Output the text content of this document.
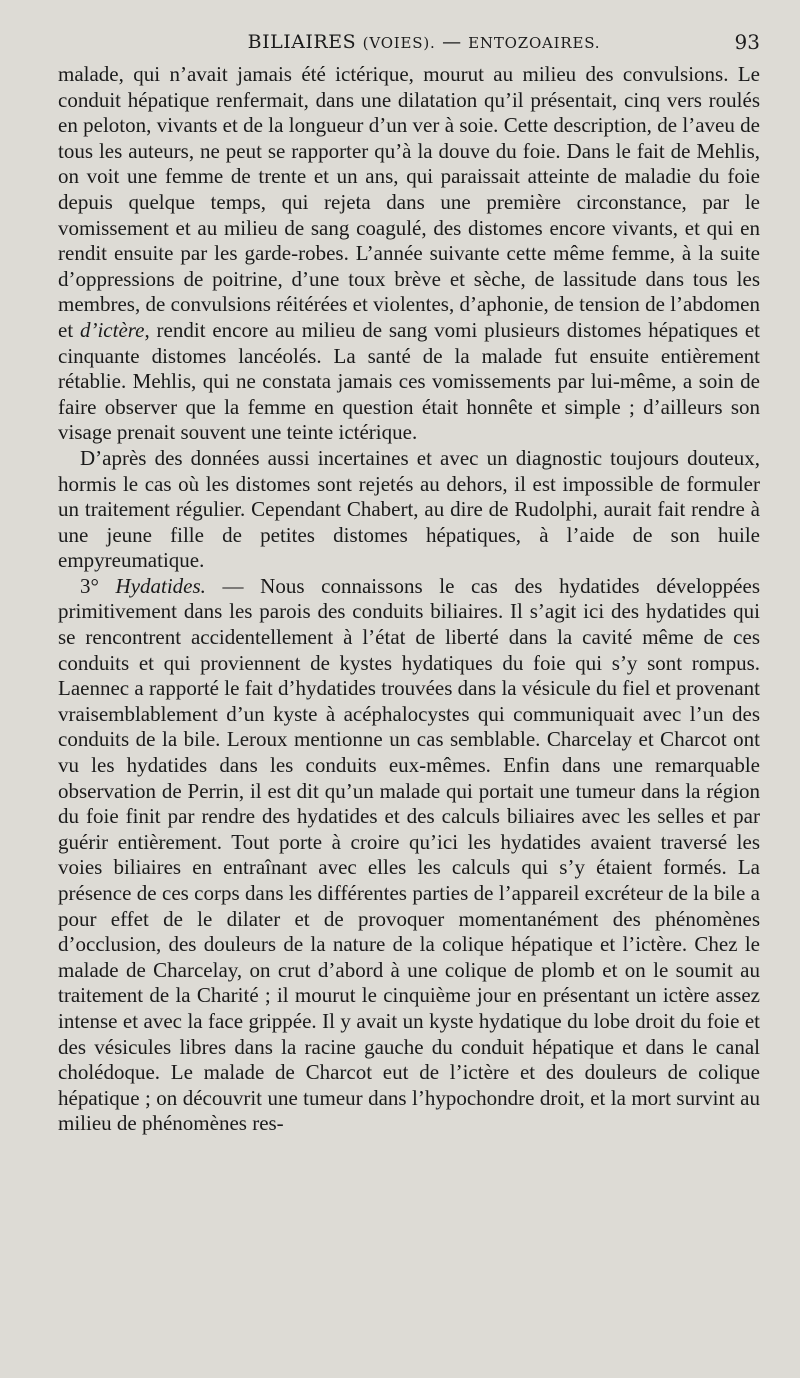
BILIAIRES (VOIES). — ENTOZOAIRES.	93

malade, qui n’avait jamais été ictérique, mourut au milieu des convulsions. Le conduit hépatique renfermait, dans une dilatation qu’il présentait, cinq vers roulés en peloton, vivants et de la longueur d’un ver à soie. Cette description, de l’aveu de tous les auteurs, ne peut se rapporter qu’à la douve du foie. Dans le fait de Mehlis, on voit une femme de trente et un ans, qui paraissait atteinte de maladie du foie depuis quelque temps, qui rejeta dans une première circonstance, par le vomissement et au milieu de sang coagulé, des distomes encore vivants, et qui en rendit ensuite par les garde-robes. L’année suivante cette même femme, à la suite d’oppressions de poitrine, d’une toux brève et sèche, de lassitude dans tous les membres, de convulsions réitérées et violentes, d’aphonie, de tension de l’abdomen et d’ictère, rendit encore au milieu de sang vomi plusieurs distomes hépatiques et cinquante distomes lancéolés. La santé de la malade fut ensuite entièrement rétablie. Mehlis, qui ne constata jamais ces vomissements par lui-même, a soin de faire observer que la femme en question était honnête et simple ; d’ailleurs son visage prenait souvent une teinte ictérique.

D’après des données aussi incertaines et avec un diagnostic toujours douteux, hormis le cas où les distomes sont rejetés au dehors, il est impossible de formuler un traitement régulier. Cependant Chabert, au dire de Rudolphi, aurait fait rendre à une jeune fille de petites distomes hépatiques, à l’aide de son huile empyreumatique.

3° Hydatides. — Nous connaissons le cas des hydatides développées primitivement dans les parois des conduits biliaires. Il s’agit ici des hydatides qui se rencontrent accidentellement à l’état de liberté dans la cavité même de ces conduits et qui proviennent de kystes hydatiques du foie qui s’y sont rompus. Laennec a rapporté le fait d’hydatides trouvées dans la vésicule du fiel et provenant vraisemblablement d’un kyste à acéphalocystes qui communiquait avec l’un des conduits de la bile. Leroux mentionne un cas semblable. Charcelay et Charcot ont vu les hydatides dans les conduits eux-mêmes. Enfin dans une remarquable observation de Perrin, il est dit qu’un malade qui portait une tumeur dans la région du foie finit par rendre des hydatides et des calculs biliaires avec les selles et par guérir entièrement. Tout porte à croire qu’ici les hydatides avaient traversé les voies biliaires en entraînant avec elles les calculs qui s’y étaient formés. La présence de ces corps dans les différentes parties de l’appareil excréteur de la bile a pour effet de le dilater et de provoquer momentanément des phénomènes d’occlusion, des douleurs de la nature de la colique hépatique et l’ictère. Chez le malade de Charcelay, on crut d’abord à une colique de plomb et on le soumit au traitement de la Charité ; il mourut le cinquième jour en présentant un ictère assez intense et avec la face grippée. Il y avait un kyste hydatique du lobe droit du foie et des vésicules libres dans la racine gauche du conduit hépatique et dans le canal cholédoque. Le malade de Charcot eut de l’ictère et des douleurs de colique hépatique ; on découvrit une tumeur dans l’hypochondre droit, et la mort survint au milieu de phénomènes res-
